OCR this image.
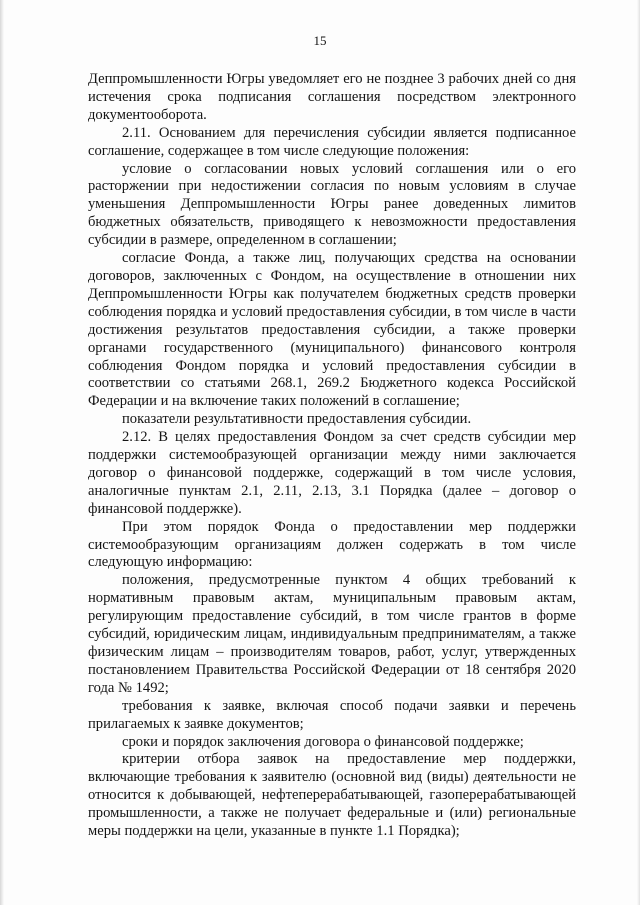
15

Деппромышленности Югры уведомляет его не позднее 3 рабочих дней со дня истечения срока подписания соглашения посредством электронного документооборота.

2.11. Основанием для перечисления субсидии является подписанное соглашение, содержащее в том числе следующие положения:

условие о согласовании новых условий соглашения или о его расторжении при недостижении согласия по новым условиям в случае уменьшения Деппромышленности Югры ранее доведенных лимитов бюджетных обязательств, приводящего к невозможности предоставления субсидии в размере, определенном в соглашении;

согласие Фонда, а также лиц, получающих средства на основании договоров, заключенных с Фондом, на осуществление в отношении них Деппромышленности Югры как получателем бюджетных средств проверки соблюдения порядка и условий предоставления субсидии, в том числе в части достижения результатов предоставления субсидии, а также проверки органами государственного (муниципального) финансового контроля соблюдения Фондом порядка и условий предоставления субсидии в соответствии со статьями 268.1, 269.2 Бюджетного кодекса Российской Федерации и на включение таких положений в соглашение;

показатели результативности предоставления субсидии.

2.12. В целях предоставления Фондом за счет средств субсидии мер поддержки системообразующей организации между ними заключается договор о финансовой поддержке, содержащий в том числе условия, аналогичные пунктам 2.1, 2.11, 2.13, 3.1 Порядка (далее – договор о финансовой поддержке).

При этом порядок Фонда о предоставлении мер поддержки системообразующим организациям должен содержать в том числе следующую информацию:

положения, предусмотренные пунктом 4 общих требований к нормативным правовым актам, муниципальным правовым актам, регулирующим предоставление субсидий, в том числе грантов в форме субсидий, юридическим лицам, индивидуальным предпринимателям, а также физическим лицам – производителям товаров, работ, услуг, утвержденных постановлением Правительства Российской Федерации от 18 сентября 2020 года № 1492;

требования к заявке, включая способ подачи заявки и перечень прилагаемых к заявке документов;

сроки и порядок заключения договора о финансовой поддержке;

критерии отбора заявок на предоставление мер поддержки, включающие требования к заявителю (основной вид (виды) деятельности не относится к добывающей, нефтеперерабатывающей, газоперерабатывающей промышленности, а также не получает федеральные и (или) региональные меры поддержки на цели, указанные в пункте 1.1 Порядка);
